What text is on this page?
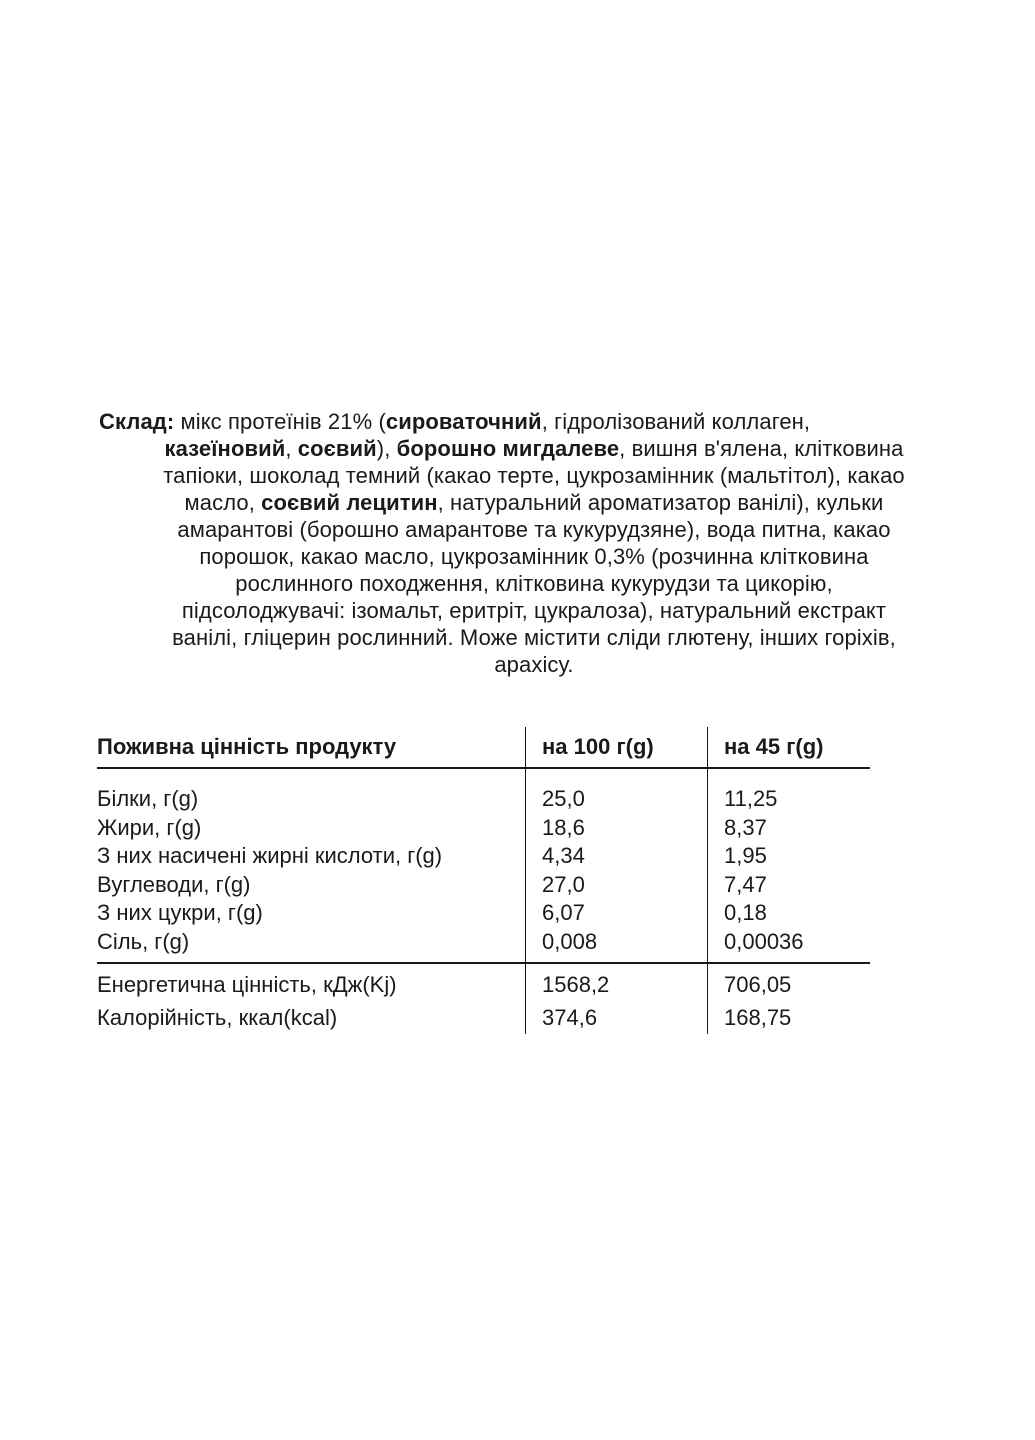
Склад: мікс протеїнів 21% (сироваточний, гідролізований коллаген,
казеїновий, соєвий), борошно мигдалеве, вишня в'ялена, клітковина
тапіоки, шоколад темний (какао терте, цукрозамінник (мальтітол), какао
масло, соєвий лецитин, натуральний ароматизатор ванілі), кульки
амарантові (борошно амарантове та кукурудзяне), вода питна, какао
порошок, какао масло, цукрозамінник 0,3% (розчинна клітковина
рослинного походження, клітковина кукурудзи та цикорію,
підсолоджувачі: ізомальт, еритріт, цукралоза), натуральний екстракт
ванілі, гліцерин рослинний. Може містити сліди глютену, інших горіхів,
арахісу.
Поживна цінність продукту	на 100 г(g)	на 45 г(g)
Білки, г(g)	25,0	11,25
Жири, г(g)	18,6	8,37
З них насичені жирні кислоти, г(g)	4,34	1,95
Вуглеводи, г(g)	27,0	7,47
З них цукри, г(g)	6,07	0,18
Сіль, г(g)	0,008	0,00036
Енергетична цінність, кДж(Kj)	1568,2	706,05
Калорійність, ккал(kcal)	374,6	168,75
